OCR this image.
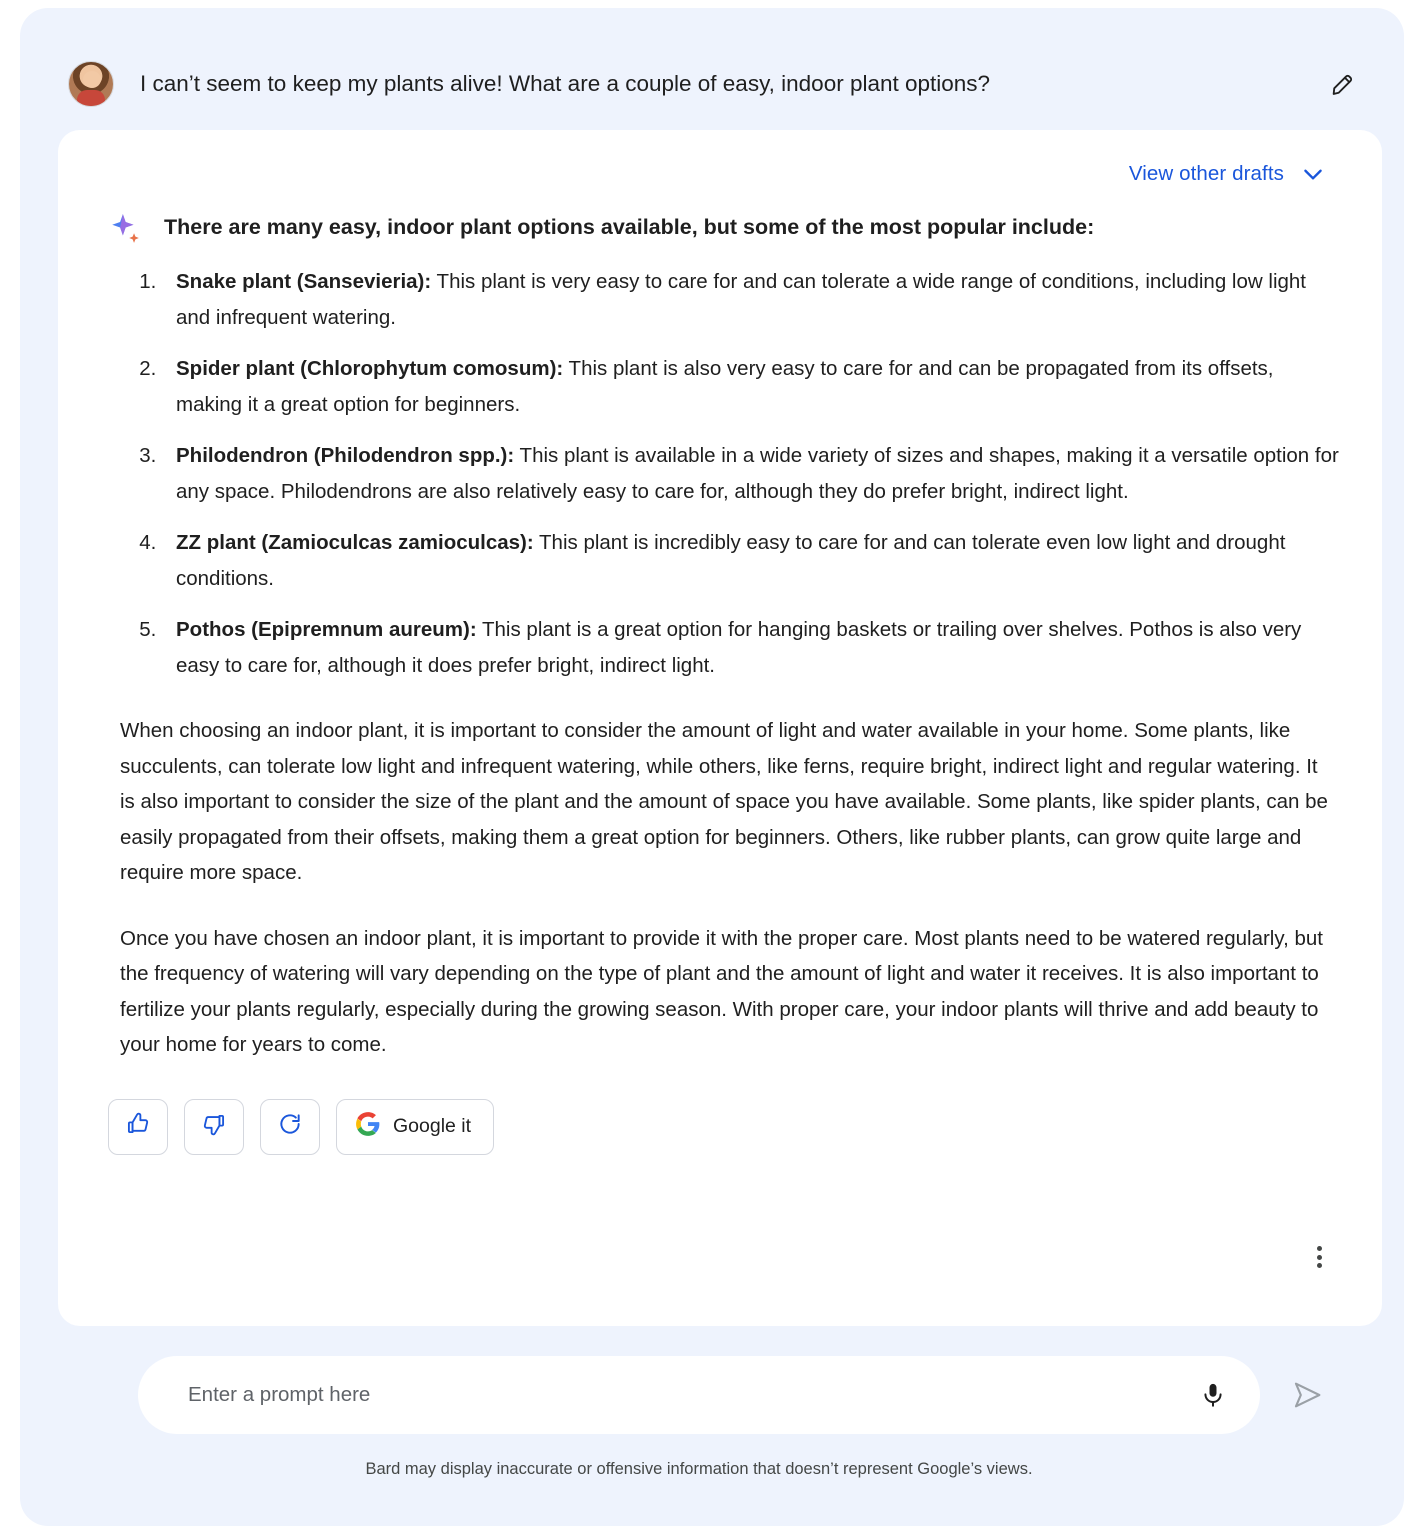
I can’t seem to keep my plants alive! What are a couple of easy, indoor plant options?
View other drafts
There are many easy, indoor plant options available, but some of the most popular include:
1. Snake plant (Sansevieria): This plant is very easy to care for and can tolerate a wide range of conditions, including low light and infrequent watering.
2. Spider plant (Chlorophytum comosum): This plant is also very easy to care for and can be propagated from its offsets, making it a great option for beginners.
3. Philodendron (Philodendron spp.): This plant is available in a wide variety of sizes and shapes, making it a versatile option for any space. Philodendrons are also relatively easy to care for, although they do prefer bright, indirect light.
4. ZZ plant (Zamioculcas zamioculcas): This plant is incredibly easy to care for and can tolerate even low light and drought conditions.
5. Pothos (Epipremnum aureum): This plant is a great option for hanging baskets or trailing over shelves. Pothos is also very easy to care for, although it does prefer bright, indirect light.

When choosing an indoor plant, it is important to consider the amount of light and water available in your home. Some plants, like succulents, can tolerate low light and infrequent watering, while others, like ferns, require bright, indirect light and regular watering. It is also important to consider the size of the plant and the amount of space you have available. Some plants, like spider plants, can be easily propagated from their offsets, making them a great option for beginners. Others, like rubber plants, can grow quite large and require more space.

Once you have chosen an indoor plant, it is important to provide it with the proper care. Most plants need to be watered regularly, but the frequency of watering will vary depending on the type of plant and the amount of light and water it receives. It is also important to fertilize your plants regularly, especially during the growing season. With proper care, your indoor plants will thrive and add beauty to your home for years to come.

Google it
Enter a prompt here
Bard may display inaccurate or offensive information that doesn’t represent Google’s views.
